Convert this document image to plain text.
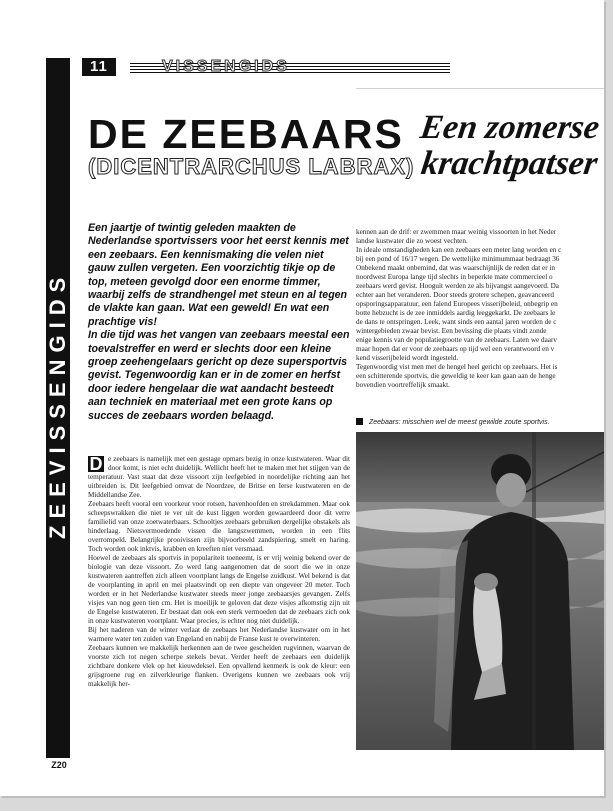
ZEEVISSENGIDS
Z20
11	VISSENGIDS
DE ZEEBAARS
(DICENTRARCHUS LABRAX)
Een zomerse
krachtpatser

Een jaartje of twintig geleden maakten de Nederlandse sportvissers voor het eerst kennis met een zeebaars. Een kennismaking die velen niet gauw zullen vergeten. Een voorzichtig tikje op de top, meteen gevolgd door een enorme timmer, waarbij zelfs de strandhengel met steun en al tegen de vlakte kan gaan. Wat een geweld! En wat een prachtige vis!

In die tijd was het vangen van zeebaars meestal een toevalstreffer en werd er slechts door een kleine groep zeehengelaars gericht op deze supersportvis gevist. Tegenwoordig kan er in de zomer en herfst door iedere hengelaar die wat aandacht besteedt aan techniek en materiaal met een grote kans op succes de zeebaars worden belaagd.

D e zeebaars is namelijk met een gestage opmars bezig in onze kustwateren. Waar dit door komt, is niet echt duidelijk. Wellicht heeft het te maken met het stijgen van de temperatuur. Vast staat dat deze vissoort zijn leefgebied in noordelijke richting aan het uitbreiden is. Dit leefgebied omvat de Noordzee, de Britse en Ierse kustwateren en de Middellandse Zee.

Zeebaars heeft vooral een voorkeur voor rotsen, havenhoofden en strekdammen. Maar ook scheepswrakken die niet te ver uit de kust liggen worden gewaardeerd door dit verre familielid van onze zoetwaterbaars. Schooltjes zeebaars gebruiken dergelijke obstakels als hinderlaag. Nietsvermoedende vissen die langszwemmen, worden in een flits overrompeld. Belangrijke prooivissen zijn bijvoorbeeld zandspiering, smelt en haring. Toch worden ook inktvis, krabben en kreeften niet versmaad.

Hoewel de zeebaars als sportvis in populariteit toeneemt, is er vrij weinig bekend over de biologie van deze vissoort. Zo werd lang aangenomen dat de soort die we in onze kustwateren aantreffen zich alleen voortplant langs de Engelse zuidkust. Wel bekend is dat de voorplanting in april en mei plaatsvindt op een diepte van ongeveer 20 meter. Toch worden er in het Nederlandse kustwater steeds meer jonge zeebaarsjes gevangen. Zelfs visjes van nog geen tien cm. Het is moeilijk te geloven dat deze visjes afkomstig zijn uit de Engelse kustwateren. Er bestaat dan ook een sterk vermoeden dat de zeebaars zich ook in onze kustwateren voortplant. Waar precies, is echter nog niet duidelijk.

Bij het naderen van de winter verlaat de zeebaars het Nederlandse kustwater om in het warmere water ten zuiden van Engeland en nabij de Franse kust te overwinteren.

Zeebaars kunnen we makkelijk herkennen aan de twee gescheiden rugvinnen, waarvan de voorste zich tot negen scherpe stekels bevat. Verder heeft de zeebaars een duidelijk zichtbare donkere vlek op het kieuwdeksel. Een opvallend kenmerk is ook de kleur: een grijsgroene rug en zilverkleurige flanken. Overigens kunnen we zeebaars ook vrij makkelijk her-

kennen aan de drif: er zwemmen maar weinig vissoorten in het Neder

landse kustwater die zo woest vechten.

In ideale omstandigheden kan een zeebaars een meter lang worden en c

bij een pond of 16/17 wegen. De wettelijke minimummaat bedraagt 36

Onbekend maakt onbemind, dat was waarschijnlijk de reden dat er in

noordwest Europa lange tijd slechts in beperkte mate commercieel o

zeebaars werd gevist. Hooguit werden ze als bijvangst aangevoerd. Da

echter aan het veranderen. Door steeds grotere schepen, geavanceerd

opsporingsapparatuur, een falend Europees visserijbeleid, onbegrip en

botte hebzucht is de zee inmiddels aardig leeggekarkt. De zeebaars le

de dans te ontspringen. Leek, want sinds een aantal jaren worden de c

wintergebieden zwaar bevist. Een bevissing die plaats vindt zonde

enige kennis van de populatiegrootte van de zeebaars. Laten we daarv

maar hopen dat er voor de zeebaars op tijd wel een verantwoord en v

kend visserijbeleid wordt ingesteld.

Tegenwoordig vist men met de hengel heel gericht op zeebaars. Het is

een schitterende sportvis, die geweldig te keer kan gaan aan de henge

bovendien voortreffelijk smaakt.

Zeebaars: misschien wel de meest gewilde zoute sportvis.
